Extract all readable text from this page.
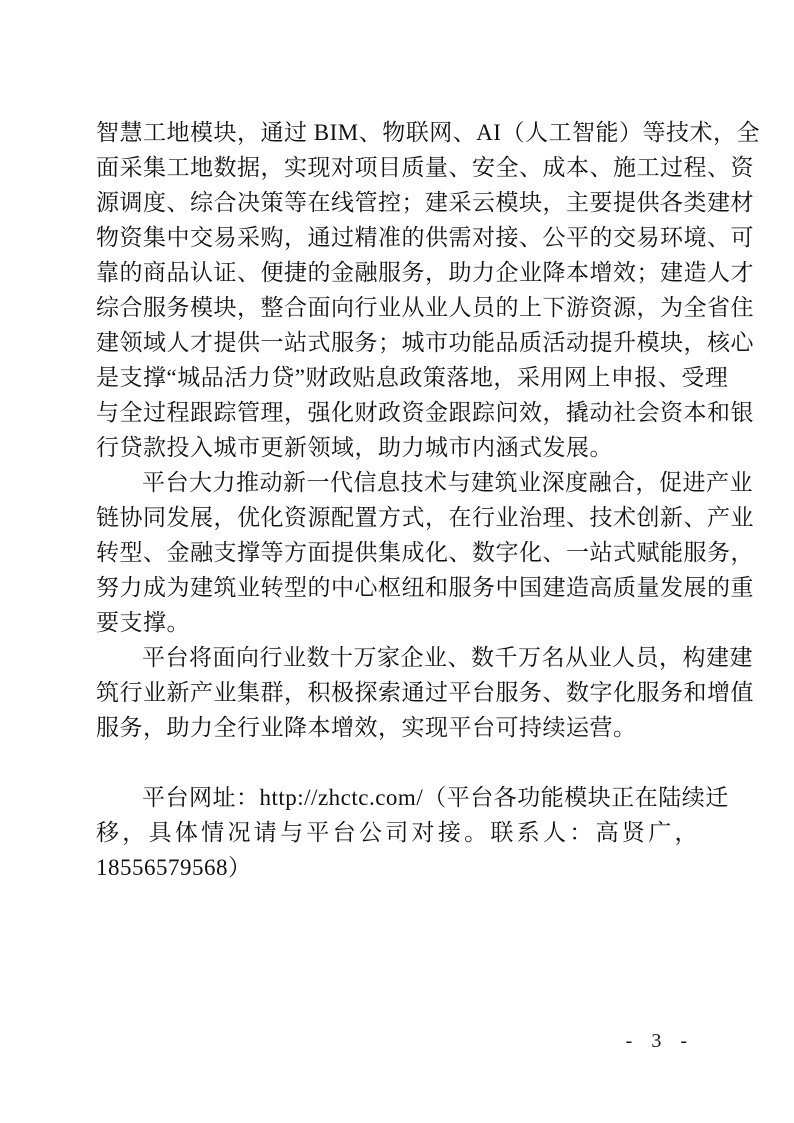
智慧工地模块，通过 BIM、物联网、AI（人工智能）等技术，全
面采集工地数据，实现对项目质量、安全、成本、施工过程、资
源调度、综合决策等在线管控；建采云模块，主要提供各类建材
物资集中交易采购，通过精准的供需对接、公平的交易环境、可
靠的商品认证、便捷的金融服务，助力企业降本增效；建造人才
综合服务模块，整合面向行业从业人员的上下游资源，为全省住
建领域人才提供一站式服务；城市功能品质活动提升模块，核心
是支撑“城品活力贷”财政贴息政策落地，采用网上申报、受理
与全过程跟踪管理，强化财政资金跟踪问效，撬动社会资本和银
行贷款投入城市更新领域，助力城市内涵式发展。
平台大力推动新一代信息技术与建筑业深度融合，促进产业
链协同发展，优化资源配置方式，在行业治理、技术创新、产业
转型、金融支撑等方面提供集成化、数字化、一站式赋能服务，
努力成为建筑业转型的中心枢纽和服务中国建造高质量发展的重
要支撑。
平台将面向行业数十万家企业、数千万名从业人员，构建建
筑行业新产业集群，积极探索通过平台服务、数字化服务和增值
服务，助力全行业降本增效，实现平台可持续运营。
平台网址：http://zhctc.com/（平台各功能模块正在陆续迁
移，具体情况请与平台公司对接。联系人：高贤广，18556579568）
- 3 -
